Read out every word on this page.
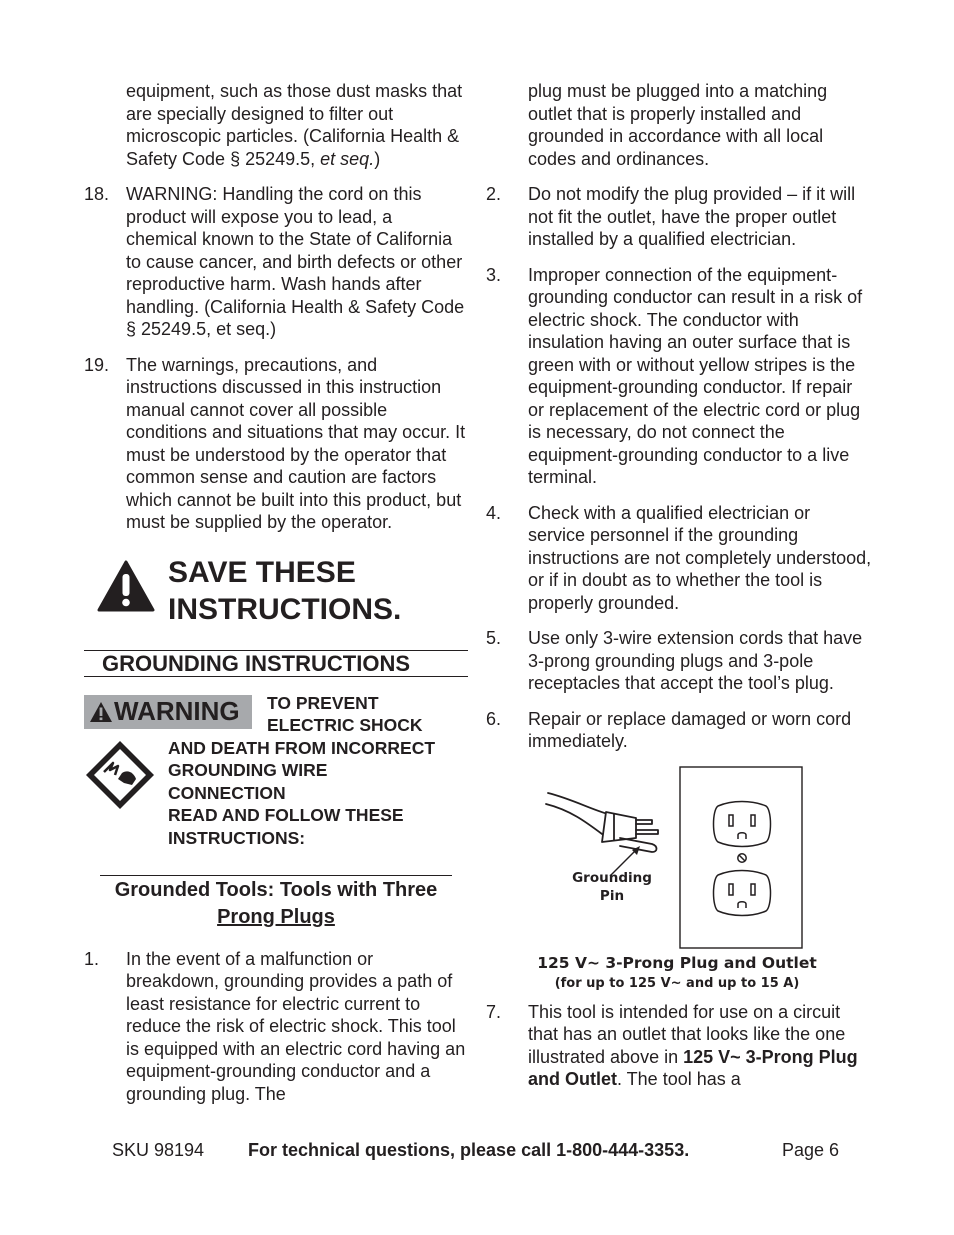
equipment, such as those dust masks that are specially designed to filter out microscopic particles. (California Health & Safety Code § 25249.5, et seq.)

18. WARNING: Handling the cord on this product will expose you to lead, a chemical known to the State of California to cause cancer, and birth defects or other reproductive harm. Wash hands after handling. (California Health & Safety Code § 25249.5, et seq.)

19. The warnings, precautions, and instructions discussed in this instruction manual cannot cover all possible conditions and situations that may occur. It must be understood by the operator that common sense and caution are factors which cannot be built into this product, but must be supplied by the operator.

SAVE THESE
INSTRUCTIONS.
GROUNDING INSTRUCTIONS
WARNING TO PREVENT
ELECTRIC SHOCK
AND DEATH FROM INCORRECT
GROUNDING WIRE
CONNECTION
READ AND FOLLOW THESE
INSTRUCTIONS:
Grounded Tools: Tools with Three
Prong Plugs
1. In the event of a malfunction or breakdown, grounding provides a path of least resistance for electric current to reduce the risk of electric shock. This tool is equipped with an electric cord having an equipment-grounding conductor and a grounding plug. The

plug must be plugged into a matching outlet that is properly installed and grounded in accordance with all local codes and ordinances.

2. Do not modify the plug provided – if it will not fit the outlet, have the proper outlet installed by a qualified electrician.

3. Improper connection of the equipment-grounding conductor can result in a risk of electric shock. The conductor with insulation having an outer surface that is green with or without yellow stripes is the equipment-grounding conductor. If repair or replacement of the electric cord or plug is necessary, do not connect the equipment-grounding conductor to a live terminal.

4. Check with a qualified electrician or service personnel if the grounding instructions are not completely understood, or if in doubt as to whether the tool is properly grounded.

5. Use only 3-wire extension cords that have 3-prong grounding plugs and 3-pole receptacles that accept the tool’s plug.

6. Repair or replace damaged or worn cord immediately.

Grounding
Pin
125 V~ 3-Prong Plug and Outlet
(for up to 125 V~ and up to 15 A)
7. This tool is intended for use on a circuit that has an outlet that looks like the one illustrated above in 125 V~ 3-Prong Plug and Outlet. The tool has a

SKU 98194 For technical questions, please call 1-800-444-3353.	Page 6
